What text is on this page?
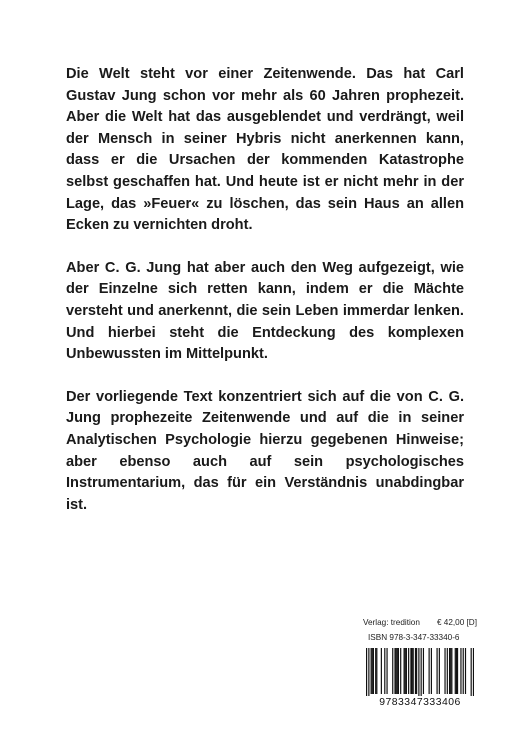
Die Welt steht vor einer Zeitenwende. Das hat Carl Gustav Jung schon vor mehr als 60 Jahren prophezeit. Aber die Welt hat das ausgeblendet und verdrängt, weil der Mensch in seiner Hybris nicht anerkennen kann, dass er die Ursachen der kommenden Katastrophe selbst geschaffen hat. Und heute ist er nicht mehr in der Lage, das »Feuer« zu löschen, das sein Haus an allen Ecken zu vernichten droht.

Aber C. G. Jung hat aber auch den Weg aufgezeigt, wie der Einzelne sich retten kann, indem er die Mächte versteht und anerkennt, die sein Leben immerdar lenken. Und hierbei steht die Entdeckung des komplexen Unbewussten im Mittelpunkt.

Der vorliegende Text konzentriert sich auf die von C. G. Jung prophezeite Zeitenwende und auf die in seiner Analytischen Psychologie hierzu gegebenen Hinweise; aber ebenso auch auf sein psychologisches Instrumentarium, das für ein Verständnis unabdingbar ist.

Verlag: tredition € 42,00 [D]
ISBN 978-3-347-33340-6
9783347333406
